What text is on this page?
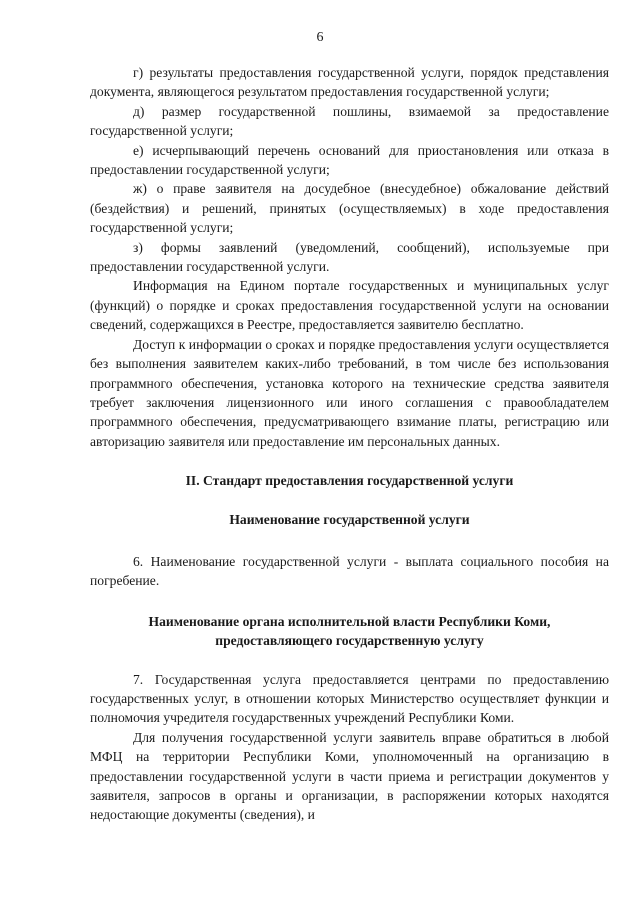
6

г) результаты предоставления государственной услуги, порядок представления документа, являющегося результатом предоставления государственной услуги;

д) размер государственной пошлины, взимаемой за предоставление государственной услуги;

е) исчерпывающий перечень оснований для приостановления или отказа в предоставлении государственной услуги;

ж) о праве заявителя на досудебное (внесудебное) обжалование действий (бездействия) и решений, принятых (осуществляемых) в ходе предоставления государственной услуги;

з) формы заявлений (уведомлений, сообщений), используемые при предоставлении государственной услуги.

Информация на Едином портале государственных и муниципальных услуг (функций) о порядке и сроках предоставления государственной услуги на основании сведений, содержащихся в Реестре, предоставляется заявителю бесплатно.

Доступ к информации о сроках и порядке предоставления услуги осуществляется без выполнения заявителем каких-либо требований, в том числе без использования программного обеспечения, установка которого на технические средства заявителя требует заключения лицензионного или иного соглашения с правообладателем программного обеспечения, предусматривающего взимание платы, регистрацию или авторизацию заявителя или предоставление им персональных данных.

II. Стандарт предоставления государственной услуги

Наименование государственной услуги

6. Наименование государственной услуги - выплата социального пособия на погребение.

Наименование органа исполнительной власти Республики Коми,

предоставляющего государственную услугу

7. Государственная услуга предоставляется центрами по предоставлению государственных услуг, в отношении которых Министерство осуществляет функции и полномочия учредителя государственных учреждений Республики Коми.

Для получения государственной услуги заявитель вправе обратиться в любой МФЦ на территории Республики Коми, уполномоченный на организацию в предоставлении государственной услуги в части приема и регистрации документов у заявителя, запросов в органы и организации, в распоряжении которых находятся недостающие документы (сведения), и
